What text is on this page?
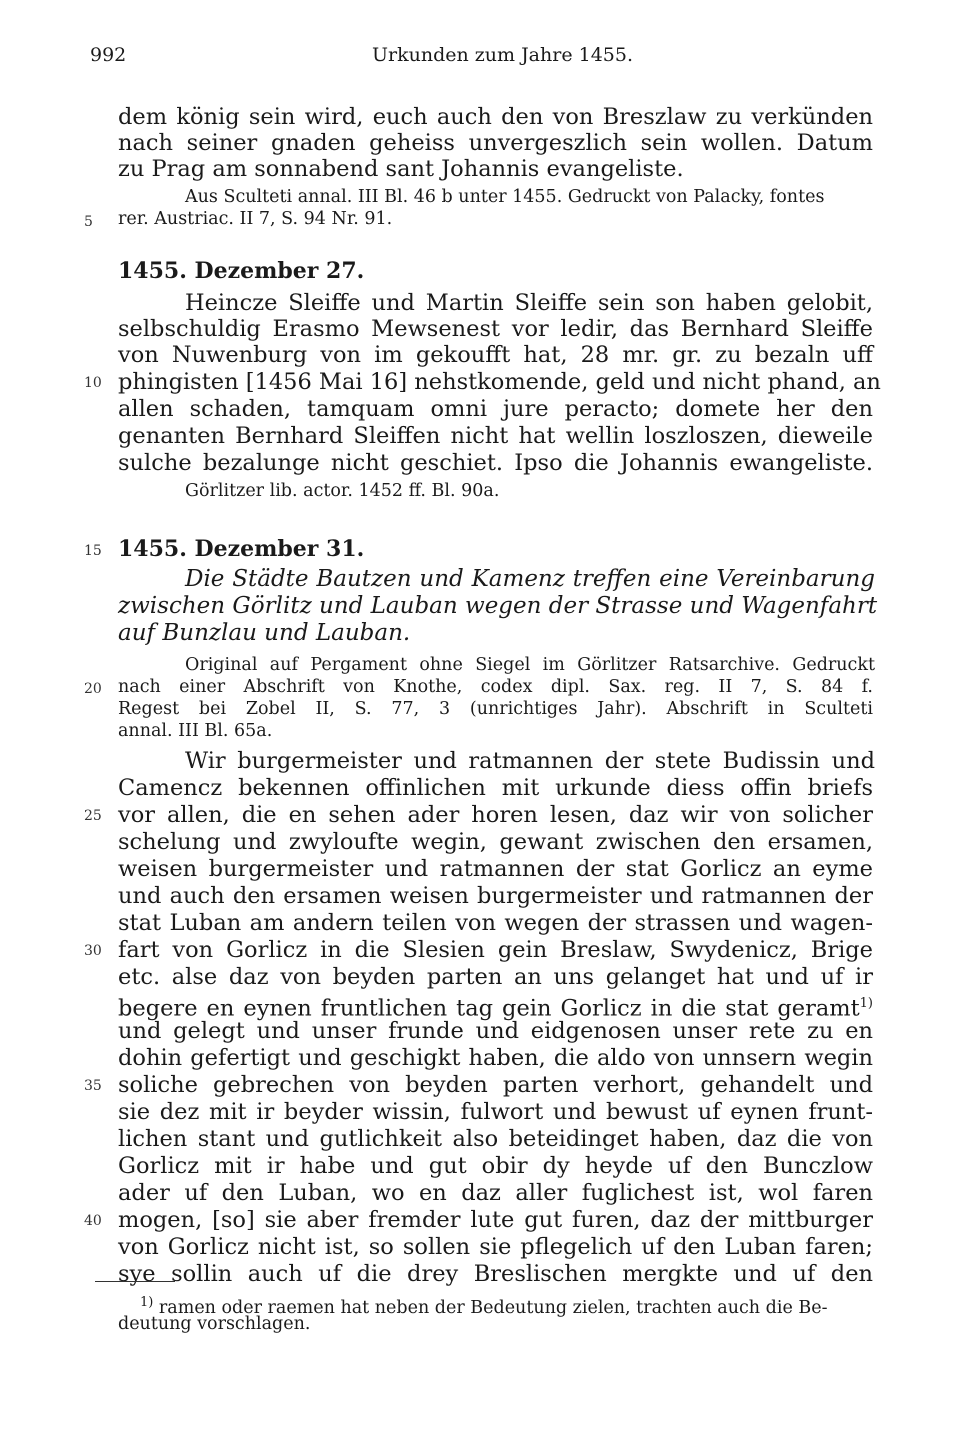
992	Urkunden zum Jahre 1455.
dem könig sein wird, euch auch den von Breszlaw zu verkünden
nach seiner gnaden geheiss unvergeszlich sein wollen. Datum
zu Prag am sonnabend sant Johannis evangeliste.
Aus Sculteti annal. III Bl. 46 b unter 1455. Gedruckt von Palacky, fontes
rer. Austriac. II 7, S. 94 Nr. 91.
5
1455. Dezember 27.
Heincze Sleiffe und Martin Sleiffe sein son haben gelobit,
selbschuldig Erasmo Mewsenest vor ledir, das Bernhard Sleiffe
von Nuwenburg von im gekoufft hat, 28 mr. gr. zu bezaln uff
phingisten [1456 Mai 16] nehstkomende, geld und nicht phand, an
allen schaden, tamquam omni jure peracto; domete her den
genanten Bernhard Sleiffen nicht hat wellin loszloszen, dieweile
sulche bezalunge nicht geschiet. Ipso die Johannis ewangeliste.
10
Görlitzer lib. actor. 1452 ff. Bl. 90a.
15 1455. Dezember 31.
Die Städte Bautzen und Kamenz treffen eine Vereinbarung
zwischen Görlitz und Lauban wegen der Strasse und Wagenfahrt
auf Bunzlau und Lauban.
Original auf Pergament ohne Siegel im Görlitzer Ratsarchive. Gedruckt
nach einer Abschrift von Knothe, codex dipl. Sax. reg. II 7, S. 84 f.
Regest bei Zobel II, S. 77, 3 (unrichtiges Jahr). Abschrift in Sculteti
annal. III Bl. 65a.
20
Wir burgermeister und ratmannen der stete Budissin und
Camencz bekennen offinlichen mit urkunde diess offin briefs
vor allen, die en sehen ader horen lesen, daz wir von solicher
schelung und zwylоufte wegin, gewant zwischen den ersamen,
weisen burgermeister und ratmannen der stat Gorlicz an eyme
und auch den ersamen weisen burgermeister und ratmannen der
stat Luban am andern teilen von wegen der strassen und wagen-
fart von Gorlicz in die Slesien gein Breslaw, Swydenicz, Brige
etc. alse daz von beyden parten an uns gelanget hat und uf ir
begere en eynen fruntlichen tag gein Gorlicz in die stat geramt$^{1)}$
und gelegt und unser frunde und eidgenosen unser rete zu en
dohin gefertigt und geschigkt haben, die aldo von unnsern wegin
soliche gebrechen von beyden parten verhort, gehandelt und
sie dez mit ir beyder wissin, fulwort und bewust uf eynen frunt-
lichen stant und gutlichkeit also beteidinget haben, daz die von
Gorlicz mit ir habe und gut obir dy heyde uf den Bunczlow
ader uf den Luban, wo en daz aller fuglichest ist, wol faren
mogen, [so] sie aber fremder lute gut furen, daz der mittburger
von Gorlicz nicht ist, so sollen sie pflegelich uf den Luban faren;
sye sollin auch uf die drey Breslischen mergkte und uf den
25
30
35
40
$^{1)}$ ramen oder raemen hat neben der Bedeutung zielen, trachten auch die Be-
deutung vorschlagen.
